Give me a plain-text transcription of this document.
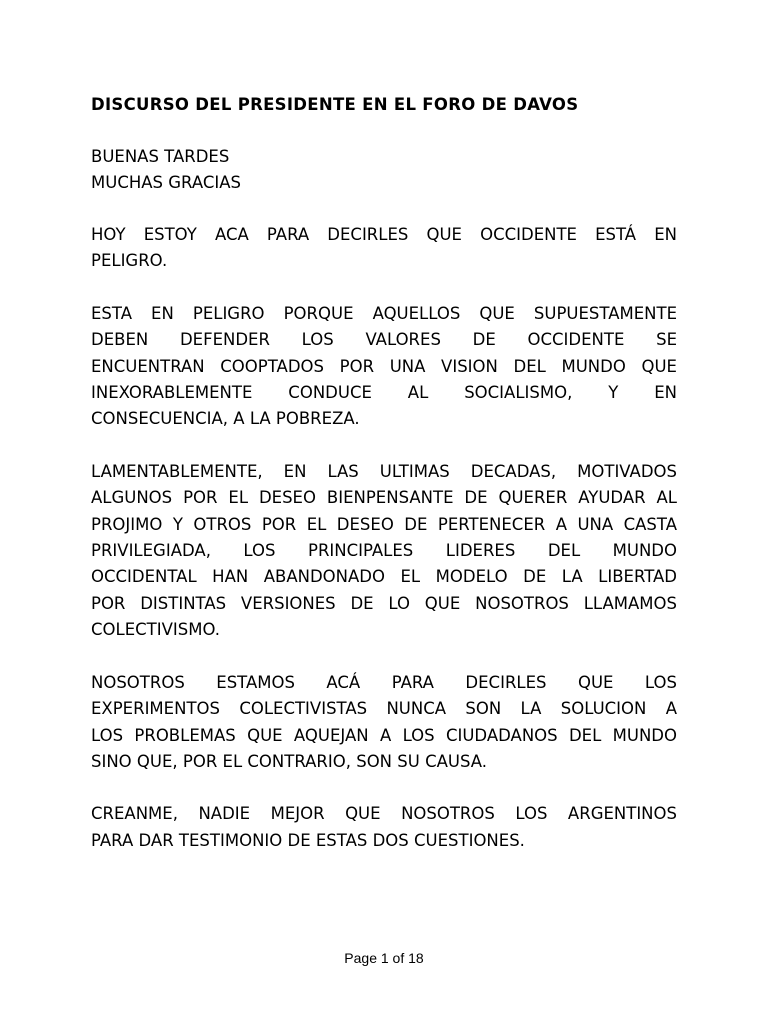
DISCURSO DEL PRESIDENTE EN EL FORO DE DAVOS
BUENAS TARDES
MUCHAS GRACIAS
HOY ESTOY ACA PARA DECIRLES QUE OCCIDENTE ESTÁ EN
PELIGRO.
ESTA EN PELIGRO PORQUE AQUELLOS QUE SUPUESTAMENTE
DEBEN DEFENDER LOS VALORES DE OCCIDENTE SE
ENCUENTRAN COOPTADOS POR UNA VISION DEL MUNDO QUE
INEXORABLEMENTE CONDUCE AL SOCIALISMO, Y EN
CONSECUENCIA, A LA POBREZA.
LAMENTABLEMENTE, EN LAS ULTIMAS DECADAS, MOTIVADOS
ALGUNOS POR EL DESEO BIENPENSANTE DE QUERER AYUDAR AL
PROJIMO Y OTROS POR EL DESEO DE PERTENECER A UNA CASTA
PRIVILEGIADA, LOS PRINCIPALES LIDERES DEL MUNDO
OCCIDENTAL HAN ABANDONADO EL MODELO DE LA LIBERTAD
POR DISTINTAS VERSIONES DE LO QUE NOSOTROS LLAMAMOS
COLECTIVISMO.
NOSOTROS ESTAMOS ACÁ PARA DECIRLES QUE LOS
EXPERIMENTOS COLECTIVISTAS NUNCA SON LA SOLUCION A
LOS PROBLEMAS QUE AQUEJAN A LOS CIUDADANOS DEL MUNDO
SINO QUE, POR EL CONTRARIO, SON SU CAUSA.
CREANME, NADIE MEJOR QUE NOSOTROS LOS ARGENTINOS
PARA DAR TESTIMONIO DE ESTAS DOS CUESTIONES.
Page 1 of 18
